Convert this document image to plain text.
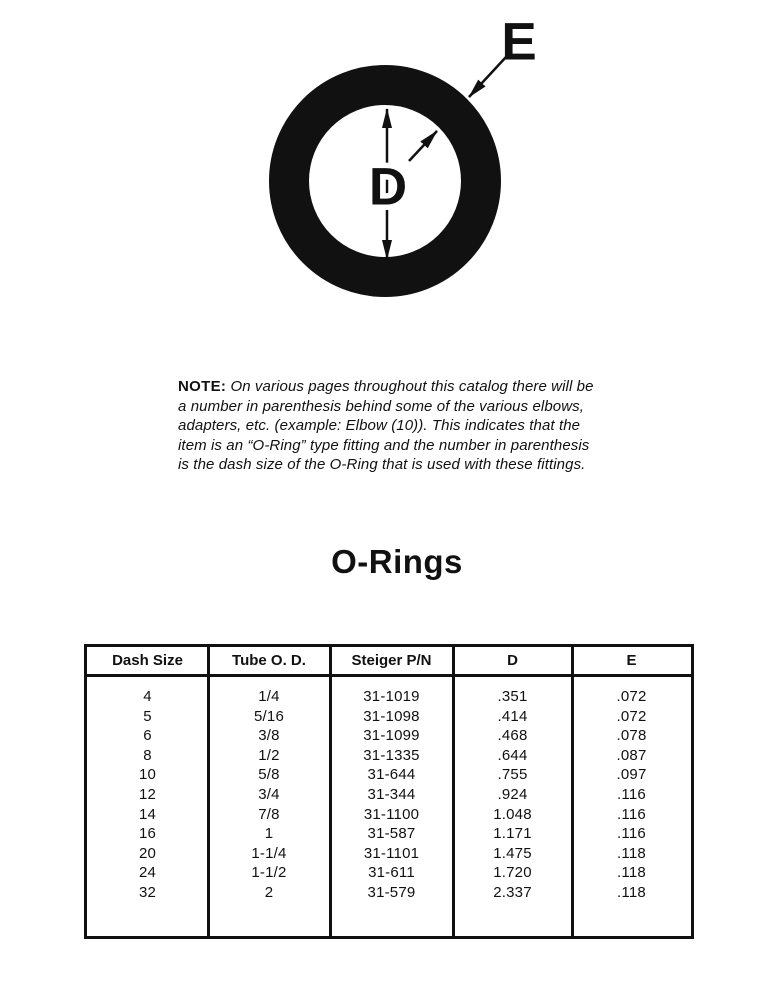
D
E
NOTE: On various pages throughout this catalog there will be
a number in parenthesis behind some of the various elbows,
adapters, etc. (example: Elbow (10)). This indicates that the
item is an “O-Ring” type fitting and the number in parenthesis
is the dash size of the O-Ring that is used with these fittings.
O-Rings
Dash Size	Tube O. D.	Steiger P/N	D	E
4	1/4	31-1019	.351	.072
5	5/16	31-1098	.414	.072
6	3/8	31-1099	.468	.078
8	1/2	31-1335	.644	.087
10	5/8	31-644	.755	.097
12	3/4	31-344	.924	.116
14	7/8	31-1100	1.048	.116
16	1	31-587	1.171	.116
20	1-1/4	31-1101	1.475	.118
24	1-1/2	31-611	1.720	.118
32	2	31-579	2.337	.118
